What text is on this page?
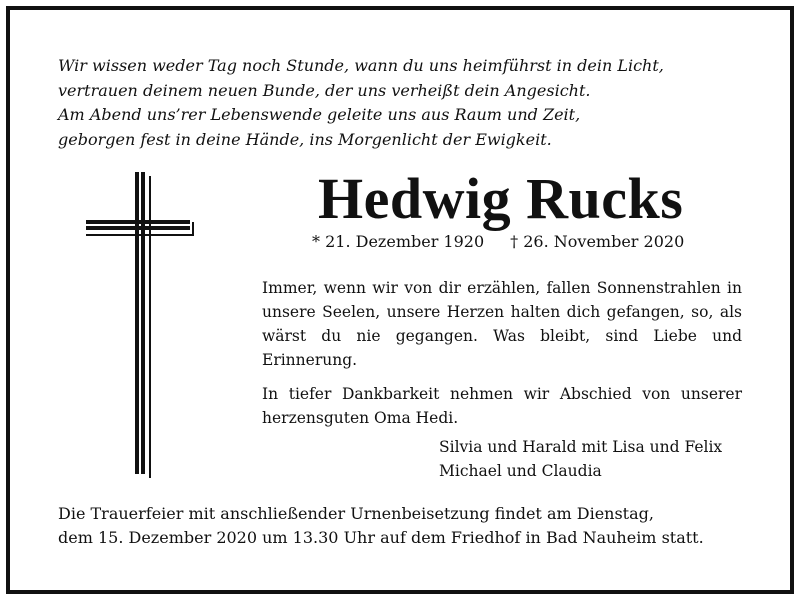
Wir wissen weder Tag noch Stunde, wann du uns heimführst in dein Licht,
vertrauen deinem neuen Bunde, der uns verheißt dein Angesicht.
Am Abend uns’rer Lebenswende geleite uns aus Raum und Zeit,
geborgen fest in deine Hände, ins Morgenlicht der Ewigkeit.
Hedwig Rucks
* 21. Dezember 1920 † 26. November 2020

Immer, wenn wir von dir erzählen, fallen Sonnenstrahlen in unsere Seelen, unsere Herzen halten dich gefangen, so, als wärst du nie gegangen. Was bleibt, sind Liebe und Erinnerung.

In tiefer Dankbarkeit nehmen wir Abschied von unserer herzensguten Oma Hedi.

Silvia und Harald mit Lisa und Felix
Michael und Claudia
Die Trauerfeier mit anschließender Urnenbeisetzung findet am Dienstag,
dem 15. Dezember 2020 um 13.30 Uhr auf dem Friedhof in Bad Nauheim statt.
